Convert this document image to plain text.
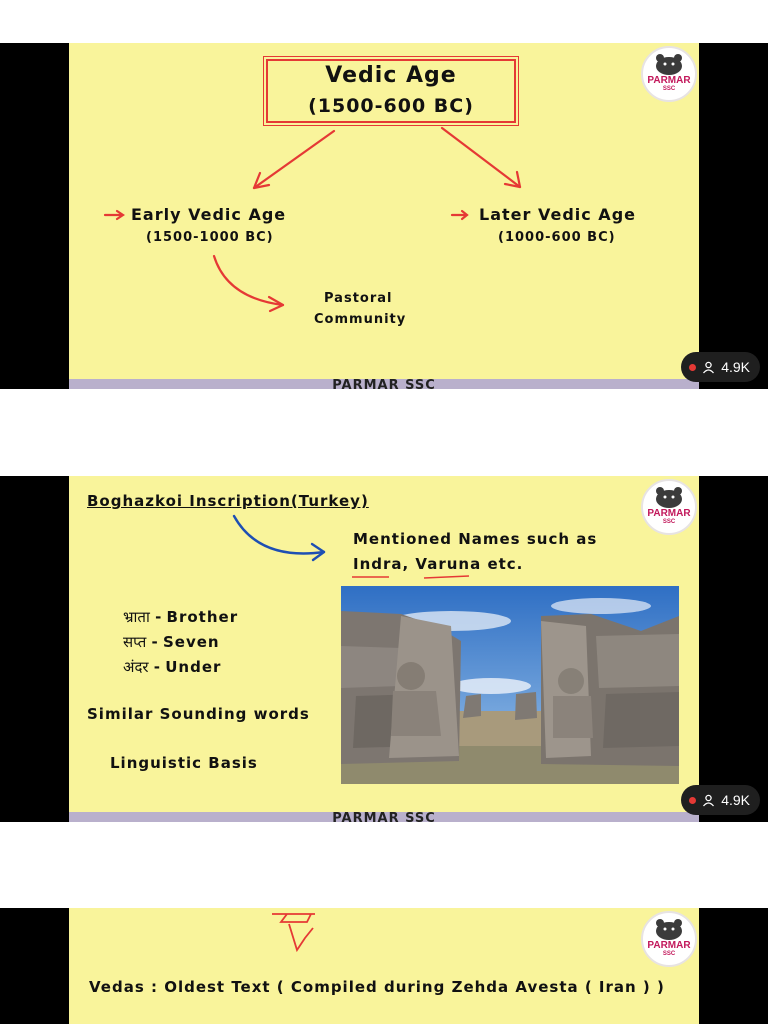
Vedic Age
(1500-600 BC)
Early Vedic Age
(1500-1000 BC)
Later Vedic Age
(1000-600 BC)
Pastoral
Community
PARMAR
SSC
PARMAR SSC
4.9K
Boghazkoi Inscription(Turkey)
Mentioned Names such as
Indra, Varuna etc.
भ्राता - Brother
सप्त - Seven
अंदर - Under
Similar Sounding words
Linguistic Basis
PARMAR
SSC
PARMAR SSC
4.9K
Vedas : Oldest Text ( Compiled during Zehda Avesta ( Iran ) )
PARMAR
SSC
